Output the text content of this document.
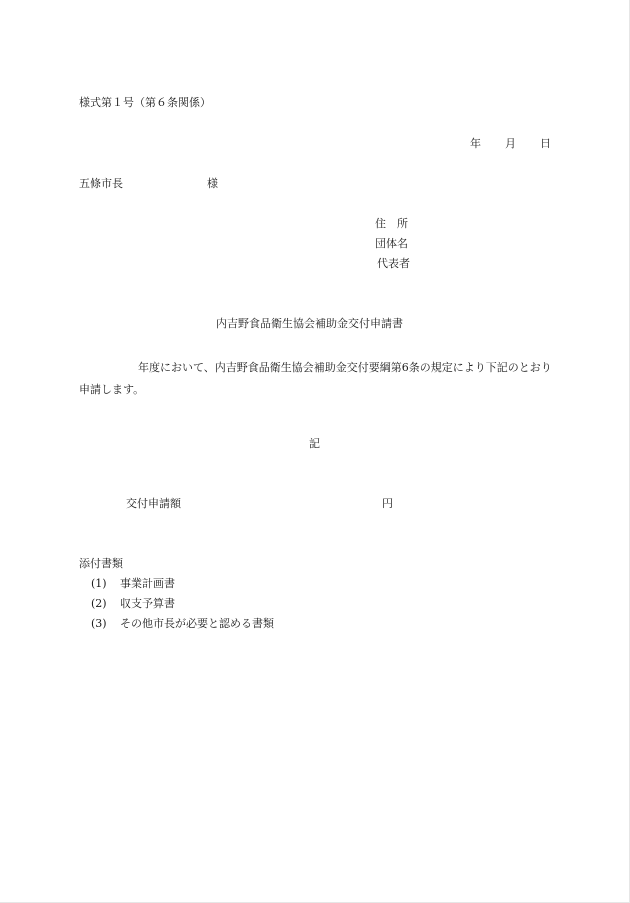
様式第１号（第６条関係）
年 月 日
五條市長	様
住　所
団体名
代表者
内吉野食品衛生協会補助金交付申請書
年度において、内吉野食品衛生協会補助金交付要綱第6条の規定により下記のとおり申請します。
記
交付申請額	円
添付書類
(1) 事業計画書
(2) 収支予算書
(3) その他市長が必要と認める書類
